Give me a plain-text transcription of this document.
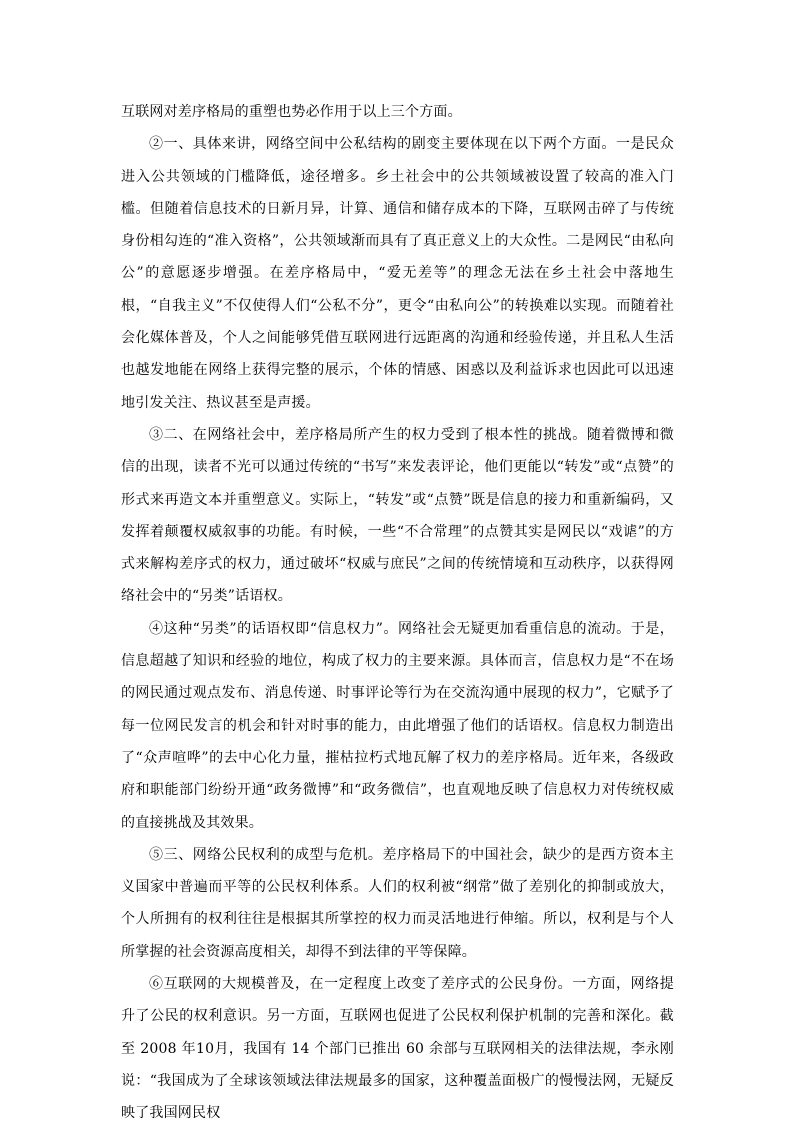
互联网对差序格局的重塑也势必作用于以上三个方面。

②一、具体来讲，网络空间中公私结构的剧变主要体现在以下两个方面。一是民众进入公共领域的门槛降低，途径增多。乡土社会中的公共领域被设置了较高的准入门槛。但随着信息技术的日新月异，计算、通信和储存成本的下降，互联网击碎了与传统身份相勾连的“准入资格”，公共领域渐而具有了真正意义上的大众性。二是网民“由私向公”的意愿逐步增强。在差序格局中，“爱无差等”的理念无法在乡土社会中落地生根，“自我主义”不仅使得人们“公私不分”，更令“由私向公”的转换难以实现。而随着社会化媒体普及，个人之间能够凭借互联网进行远距离的沟通和经验传递，并且私人生活也越发地能在网络上获得完整的展示，个体的情感、困惑以及利益诉求也因此可以迅速地引发关注、热议甚至是声援。

③二、在网络社会中，差序格局所产生的权力受到了根本性的挑战。随着微博和微信的出现，读者不光可以通过传统的“书写”来发表评论，他们更能以“转发”或“点赞”的形式来再造文本并重塑意义。实际上，“转发”或“点赞”既是信息的接力和重新编码，又发挥着颠覆权威叙事的功能。有时候，一些“不合常理”的点赞其实是网民以“戏谑”的方式来解构差序式的权力，通过破坏“权威与庶民”之间的传统情境和互动秩序，以获得网络社会中的“另类”话语权。

④这种“另类”的话语权即“信息权力”。网络社会无疑更加看重信息的流动。于是，信息超越了知识和经验的地位，构成了权力的主要来源。具体而言，信息权力是“不在场的网民通过观点发布、消息传递、时事评论等行为在交流沟通中展现的权力”，它赋予了每一位网民发言的机会和针对时事的能力，由此增强了他们的话语权。信息权力制造出了“众声喧哗”的去中心化力量，摧枯拉朽式地瓦解了权力的差序格局。近年来，各级政府和职能部门纷纷开通“政务微博”和“政务微信”，也直观地反映了信息权力对传统权威的直接挑战及其效果。

⑤三、网络公民权利的成型与危机。差序格局下的中国社会，缺少的是西方资本主义国家中普遍而平等的公民权利体系。人们的权利被“纲常”做了差别化的抑制或放大，个人所拥有的权利往往是根据其所掌控的权力而灵活地进行伸缩。所以，权利是与个人所掌握的社会资源高度相关，却得不到法律的平等保障。

⑥互联网的大规模普及，在一定程度上改变了差序式的公民身份。一方面，网络提升了公民的权利意识。另一方面，互联网也促进了公民权利保护机制的完善和深化。截至 2008 年10月，我国有 14 个部门已推出 60 余部与互联网相关的法律法规，李永刚说：“我国成为了全球该领域法律法规最多的国家，这种覆盖面极广的慢慢法网，无疑反映了我国网民权
